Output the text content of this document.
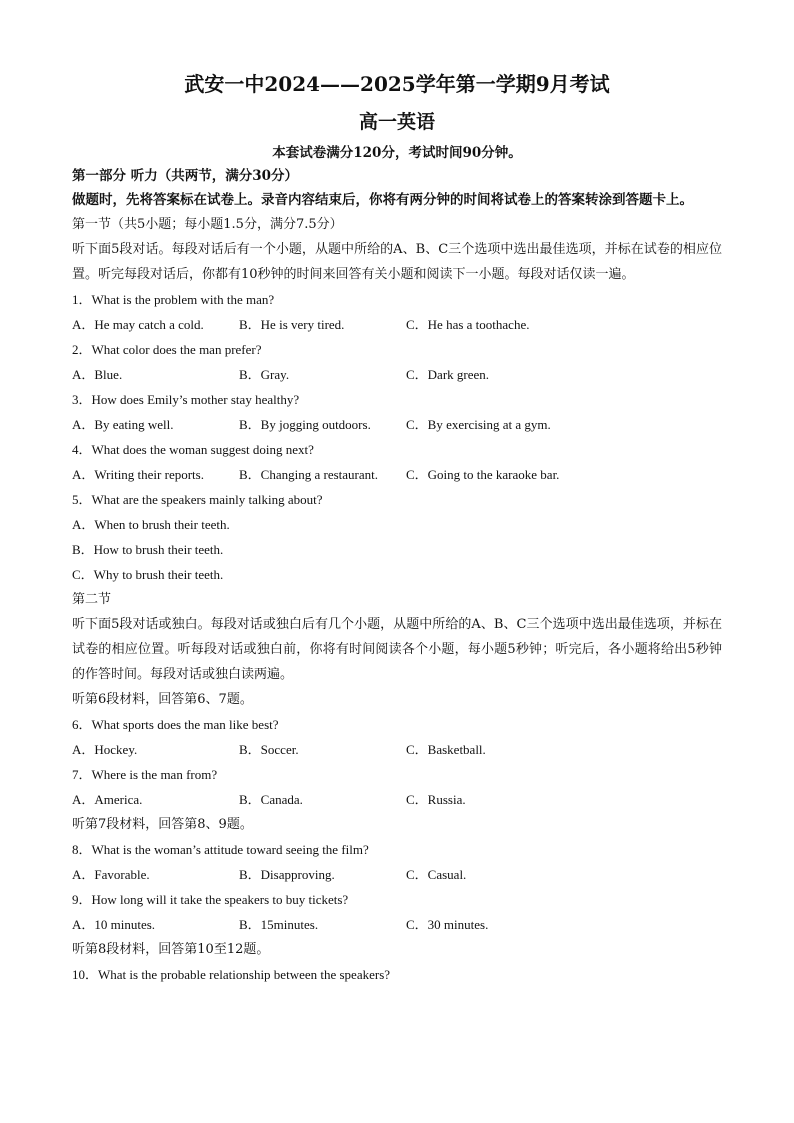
武安一中2024——2025学年第一学期9月考试

高一英语

本套试卷满分120分，考试时间90分钟。

第一部分 听力（共两节，满分30分）

做题时，先将答案标在试卷上。录音内容结束后，你将有两分钟的时间将试卷上的答案转涂到答题卡上。

第一节（共5小题；每小题1.5分，满分7.5分）

听下面5段对话。每段对话后有一个小题，从题中所给的A、B、C三个选项中选出最佳选项，并标在试卷的相应位置。听完每段对话后，你都有10秒钟的时间来回答有关小题和阅读下一小题。每段对话仅读一遍。

1．What is the problem with the man?

A．He may catch a cold.	B．He is very tired.	C．He has a toothache.

2．What color does the man prefer?

A．Blue.	B．Gray.	C．Dark green.

3．How does Emily’s mother stay healthy?

A．By eating well.	B．By jogging outdoors.	C．By exercising at a gym.

4．What does the woman suggest doing next?

A．Writing their reports.	B．Changing a restaurant.	C．Going to the karaoke bar.

5．What are the speakers mainly talking about?

A．When to brush their teeth.

B．How to brush their teeth.

C．Why to brush their teeth.

第二节

听下面5段对话或独白。每段对话或独白后有几个小题，从题中所给的A、B、C三个选项中选出最佳选项，并标在试卷的相应位置。听每段对话或独白前，你将有时间阅读各个小题，每小题5秒钟；听完后，各小题将给出5秒钟的作答时间。每段对话或独白读两遍。

听第6段材料，回答第6、7题。

6．What sports does the man like best?

A．Hockey.	B．Soccer.	C．Basketball.

7．Where is the man from?

A．America.	B．Canada.	C．Russia.

听第7段材料，回答第8、9题。

8．What is the woman’s attitude toward seeing the film?

A．Favorable.	B．Disapproving.	C．Casual.

9．How long will it take the speakers to buy tickets?

A．10 minutes.	B．15minutes.	C．30 minutes.

听第8段材料，回答第10至12题。

10．What is the probable relationship between the speakers?
